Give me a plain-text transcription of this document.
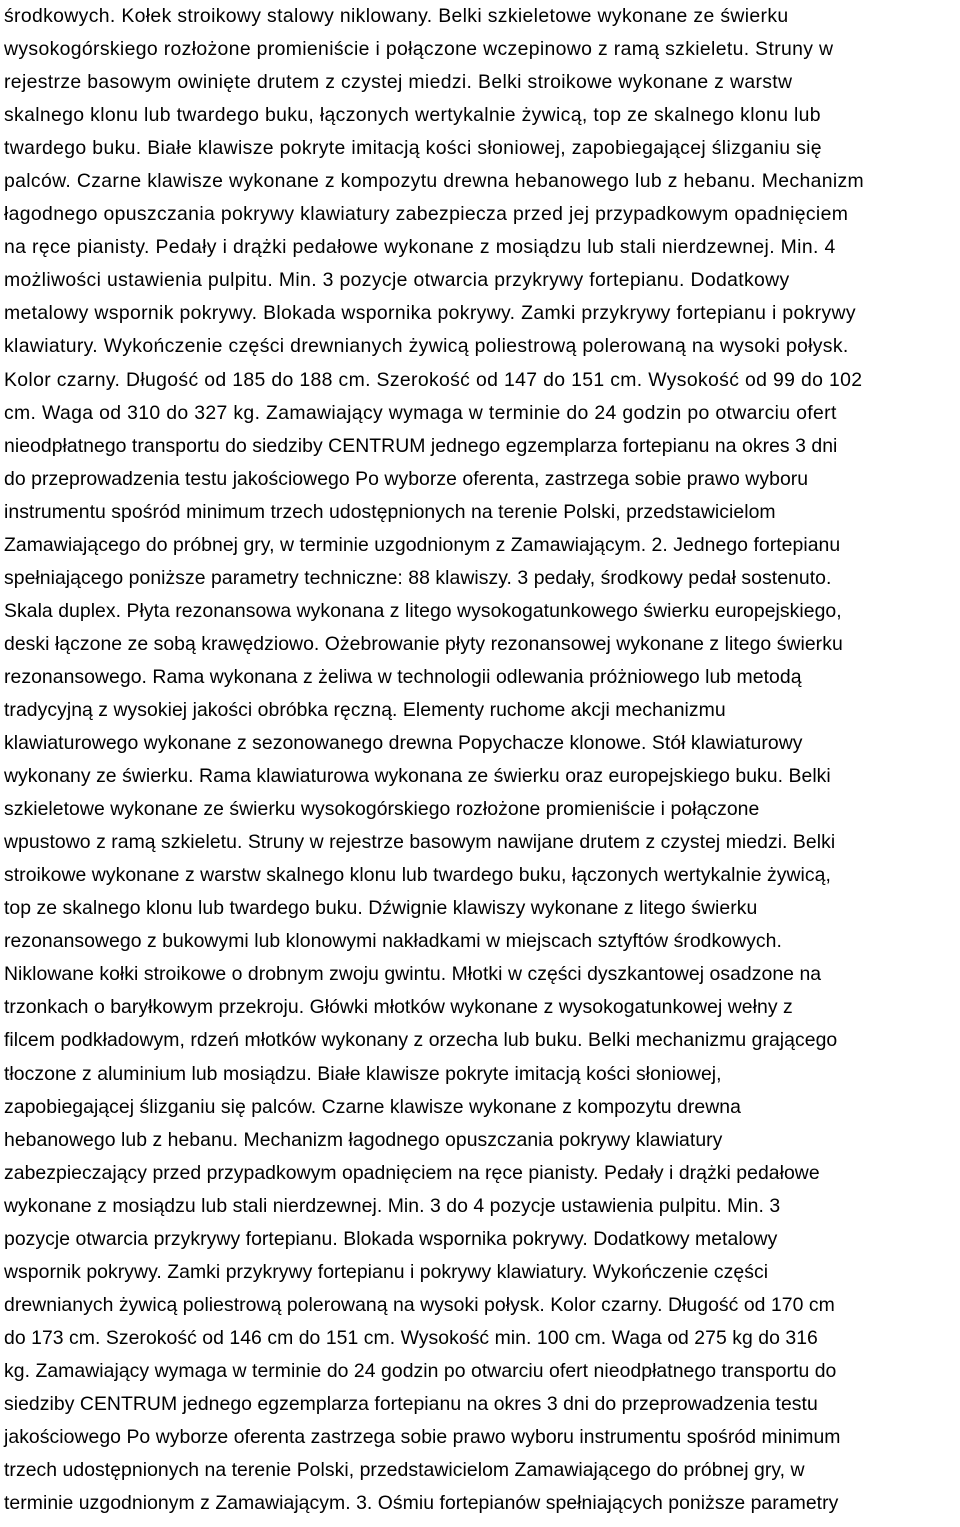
środkowych. Kołek stroikowy stalowy niklowany. Belki szkieletowe wykonane ze świerku
wysokogórskiego rozłożone promieniście i połączone wczepinowo z ramą szkieletu. Struny w
rejestrze basowym owinięte drutem z czystej miedzi. Belki stroikowe wykonane z warstw
skalnego klonu lub twardego buku, łączonych wertykalnie żywicą, top ze skalnego klonu lub
twardego buku. Białe klawisze pokryte imitacją kości słoniowej, zapobiegającej ślizganiu się
palców. Czarne klawisze wykonane z kompozytu drewna hebanowego lub z hebanu. Mechanizm
łagodnego opuszczania pokrywy klawiatury zabezpiecza przed jej przypadkowym opadnięciem
na ręce pianisty. Pedały i drążki pedałowe wykonane z mosiądzu lub stali nierdzewnej. Min. 4
możliwości ustawienia pulpitu. Min. 3 pozycje otwarcia przykrywy fortepianu. Dodatkowy
metalowy wspornik pokrywy. Blokada wspornika pokrywy. Zamki przykrywy fortepianu i pokrywy
klawiatury. Wykończenie części drewnianych żywicą poliestrową polerowaną na wysoki połysk.
Kolor czarny. Długość od 185 do 188 cm. Szerokość od 147 do 151 cm. Wysokość od 99 do 102
cm. Waga od 310 do 327 kg. Zamawiający wymaga w terminie do 24 godzin po otwarciu ofert
nieodpłatnego transportu do siedziby CENTRUM jednego egzemplarza fortepianu na okres 3 dni
do przeprowadzenia testu jakościowego Po wyborze oferenta, zastrzega sobie prawo wyboru
instrumentu spośród minimum trzech udostępnionych na terenie Polski, przedstawicielom
Zamawiającego do próbnej gry, w terminie uzgodnionym z Zamawiającym. 2. Jednego fortepianu
spełniającego poniższe parametry techniczne: 88 klawiszy. 3 pedały, środkowy pedał sostenuto.
Skala duplex. Płyta rezonansowa wykonana z litego wysokogatunkowego świerku europejskiego,
deski łączone ze sobą krawędziowo. Ożebrowanie płyty rezonansowej wykonane z litego świerku
rezonansowego. Rama wykonana z żeliwa w technologii odlewania próżniowego lub metodą
tradycyjną z wysokiej jakości obróbka ręczną. Elementy ruchome akcji mechanizmu
klawiaturowego wykonane z sezonowanego drewna Popychacze klonowe. Stół klawiaturowy
wykonany ze świerku. Rama klawiaturowa wykonana ze świerku oraz europejskiego buku. Belki
szkieletowe wykonane ze świerku wysokogórskiego rozłożone promieniście i połączone
wpustowo z ramą szkieletu. Struny w rejestrze basowym nawijane drutem z czystej miedzi. Belki
stroikowe wykonane z warstw skalnego klonu lub twardego buku, łączonych wertykalnie żywicą,
top ze skalnego klonu lub twardego buku. Dźwignie klawiszy wykonane z litego świerku
rezonansowego z bukowymi lub klonowymi nakładkami w miejscach sztyftów środkowych.
Niklowane kołki stroikowe o drobnym zwoju gwintu. Młotki w części dyszkantowej osadzone na
trzonkach o baryłkowym przekroju. Główki młotków wykonane z wysokogatunkowej wełny z
filcem podkładowym, rdzeń młotków wykonany z orzecha lub buku. Belki mechanizmu grającego
tłoczone z aluminium lub mosiądzu. Białe klawisze pokryte imitacją kości słoniowej,
zapobiegającej ślizganiu się palców. Czarne klawisze wykonane z kompozytu drewna
hebanowego lub z hebanu. Mechanizm łagodnego opuszczania pokrywy klawiatury
zabezpieczający przed przypadkowym opadnięciem na ręce pianisty. Pedały i drążki pedałowe
wykonane z mosiądzu lub stali nierdzewnej. Min. 3 do 4 pozycje ustawienia pulpitu. Min. 3
pozycje otwarcia przykrywy fortepianu. Blokada wspornika pokrywy. Dodatkowy metalowy
wspornik pokrywy. Zamki przykrywy fortepianu i pokrywy klawiatury. Wykończenie części
drewnianych żywicą poliestrową polerowaną na wysoki połysk. Kolor czarny. Długość od 170 cm
do 173 cm. Szerokość od 146 cm do 151 cm. Wysokość min. 100 cm. Waga od 275 kg do 316
kg. Zamawiający wymaga w terminie do 24 godzin po otwarciu ofert nieodpłatnego transportu do
siedziby CENTRUM jednego egzemplarza fortepianu na okres 3 dni do przeprowadzenia testu
jakościowego Po wyborze oferenta zastrzega sobie prawo wyboru instrumentu spośród minimum
trzech udostępnionych na terenie Polski, przedstawicielom Zamawiającego do próbnej gry, w
terminie uzgodnionym z Zamawiającym. 3. Ośmiu fortepianów spełniających poniższe parametry
